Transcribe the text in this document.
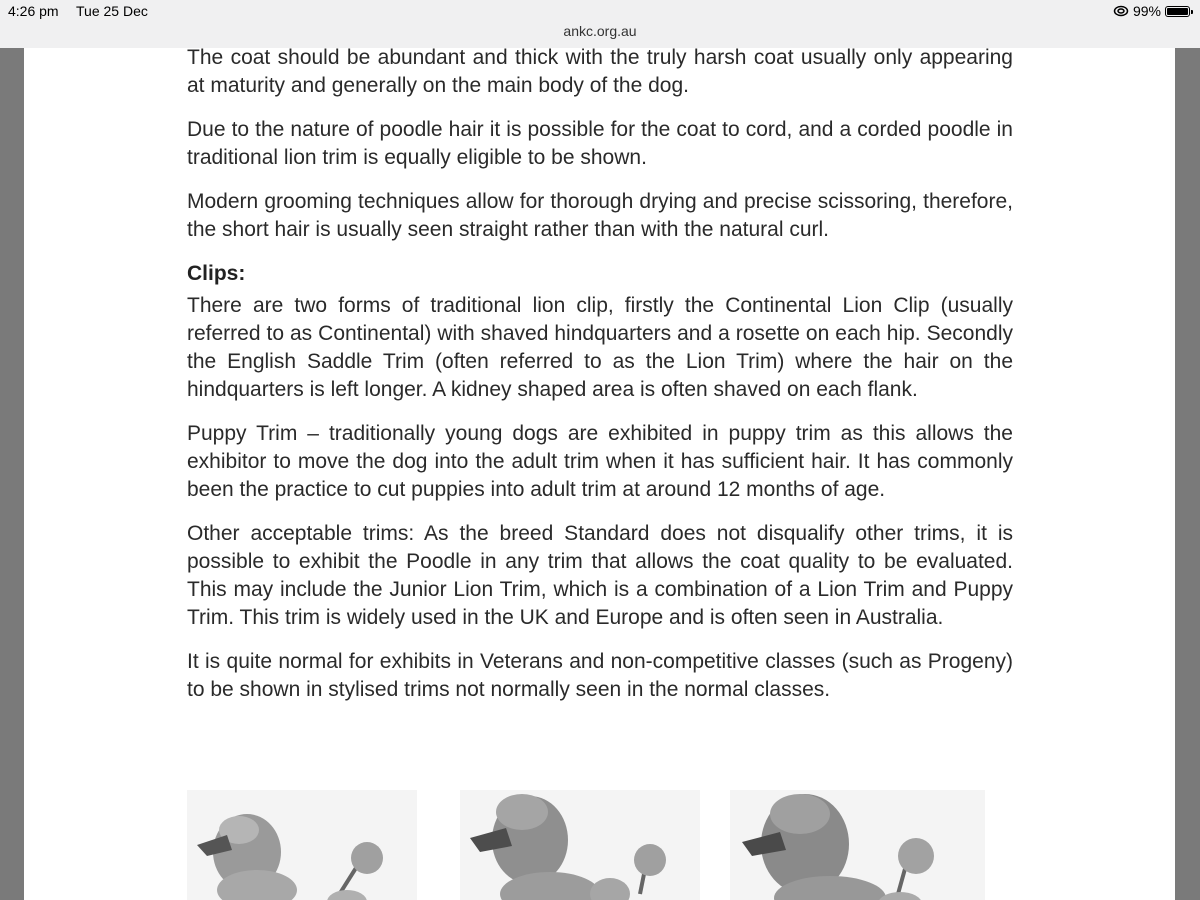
4:26 pm Tue 25 Dec	99%
ankc.org.au

The coat should be abundant and thick with the truly harsh coat usually only appearing at maturity and generally on the main body of the dog.

Due to the nature of poodle hair it is possible for the coat to cord, and a corded poodle in traditional lion trim is equally eligible to be shown.

Modern grooming techniques allow for thorough drying and precise scissoring, therefore, the short hair is usually seen straight rather than with the natural curl.

Clips:

There are two forms of traditional lion clip, firstly the Continental Lion Clip (usually referred to as Continental) with shaved hindquarters and a rosette on each hip. Secondly the English Saddle Trim (often referred to as the Lion Trim) where the hair on the hindquarters is left longer. A kidney shaped area is often shaved on each flank.

Puppy Trim – traditionally young dogs are exhibited in puppy trim as this allows the exhibitor to move the dog into the adult trim when it has sufficient hair. It has commonly been the practice to cut puppies into adult trim at around 12 months of age.

Other acceptable trims: As the breed Standard does not disqualify other trims, it is possible to exhibit the Poodle in any trim that allows the coat quality to be evaluated. This may include the Junior Lion Trim, which is a combination of a Lion Trim and Puppy Trim. This trim is widely used in the UK and Europe and is often seen in Australia.

It is quite normal for exhibits in Veterans and non-competitive classes (such as Progeny) to be shown in stylised trims not normally seen in the normal classes.
